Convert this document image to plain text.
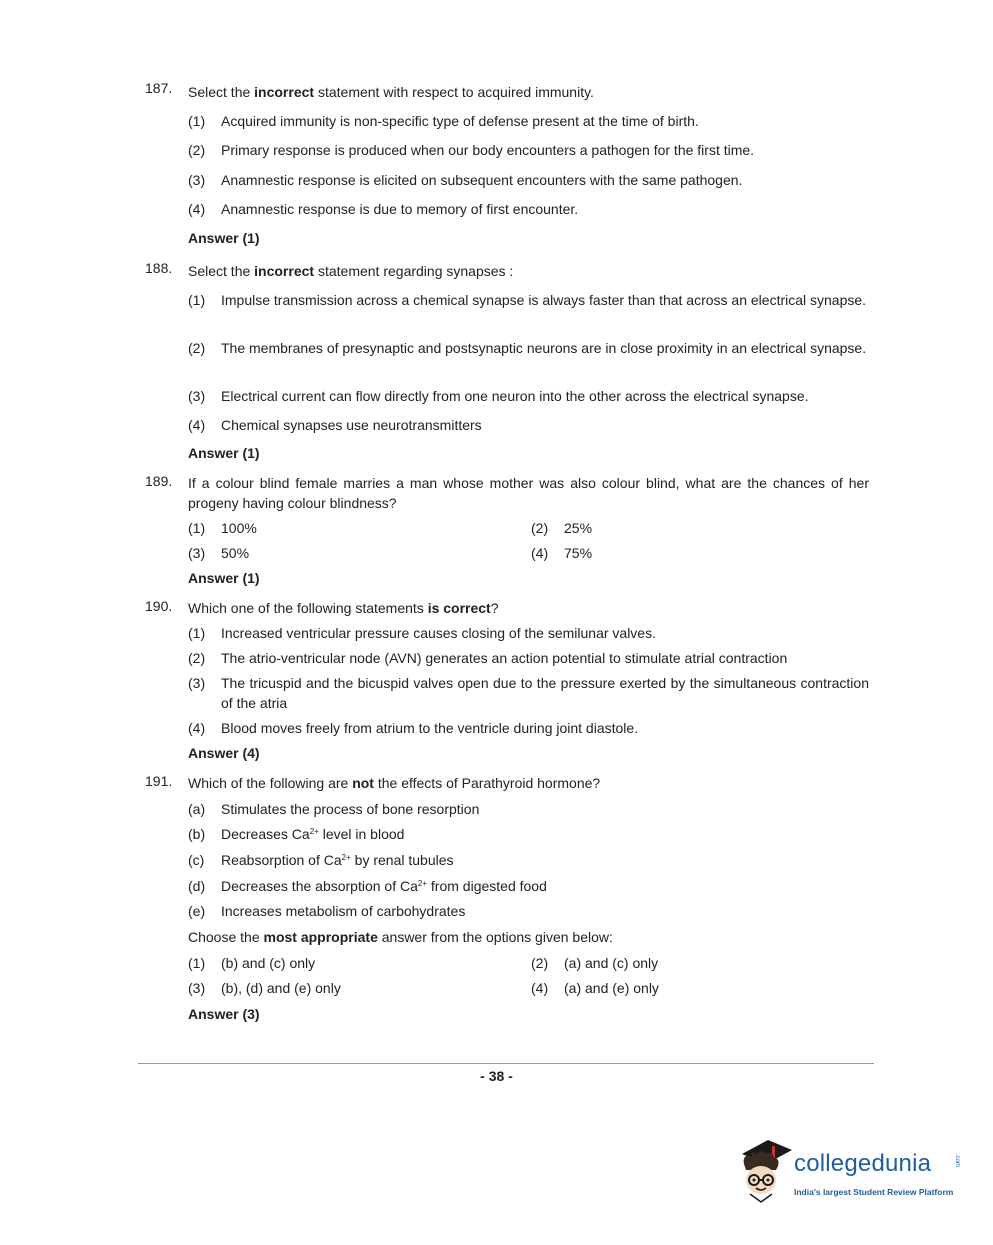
187. Select the incorrect statement with respect to acquired immunity.
(1) Acquired immunity is non-specific type of defense present at the time of birth.
(2) Primary response is produced when our body encounters a pathogen for the first time.
(3) Anamnestic response is elicited on subsequent encounters with the same pathogen.
(4) Anamnestic response is due to memory of first encounter.
Answer (1)
188. Select the incorrect statement regarding synapses :
(1) Impulse transmission across a chemical synapse is always faster than that across an electrical synapse.
(2) The membranes of presynaptic and postsynaptic neurons are in close proximity in an electrical synapse.
(3) Electrical current can flow directly from one neuron into the other across the electrical synapse.
(4) Chemical synapses use neurotransmitters
Answer (1)
189. If a colour blind female marries a man whose mother was also colour blind, what are the chances of her progeny having colour blindness?
(1) 100%	(2) 25%
(3) 50%	(4) 75%
Answer (1)
190. Which one of the following statements is correct?
(1) Increased ventricular pressure causes closing of the semilunar valves.
(2) The atrio-ventricular node (AVN) generates an action potential to stimulate atrial contraction
(3) The tricuspid and the bicuspid valves open due to the pressure exerted by the simultaneous contraction of the atria
(4) Blood moves freely from atrium to the ventricle during joint diastole.
Answer (4)
191. Which of the following are not the effects of Parathyroid hormone?
(a) Stimulates the process of bone resorption
(b) Decreases $Ca^{2+}$ level in blood
(c) Reabsorption of $Ca^{2+}$ by renal tubules
(d) Decreases the absorption of $Ca^{2+}$ from digested food
(e) Increases metabolism of carbohydrates
Choose the most appropriate answer from the options given below:
(1) (b) and (c) only	(2) (a) and (c) only
(3) (b), (d) and (e) only	(4) (a) and (e) only
Answer (3)
- 38 -
collegedunia	.com
India's largest Student Review Platform
